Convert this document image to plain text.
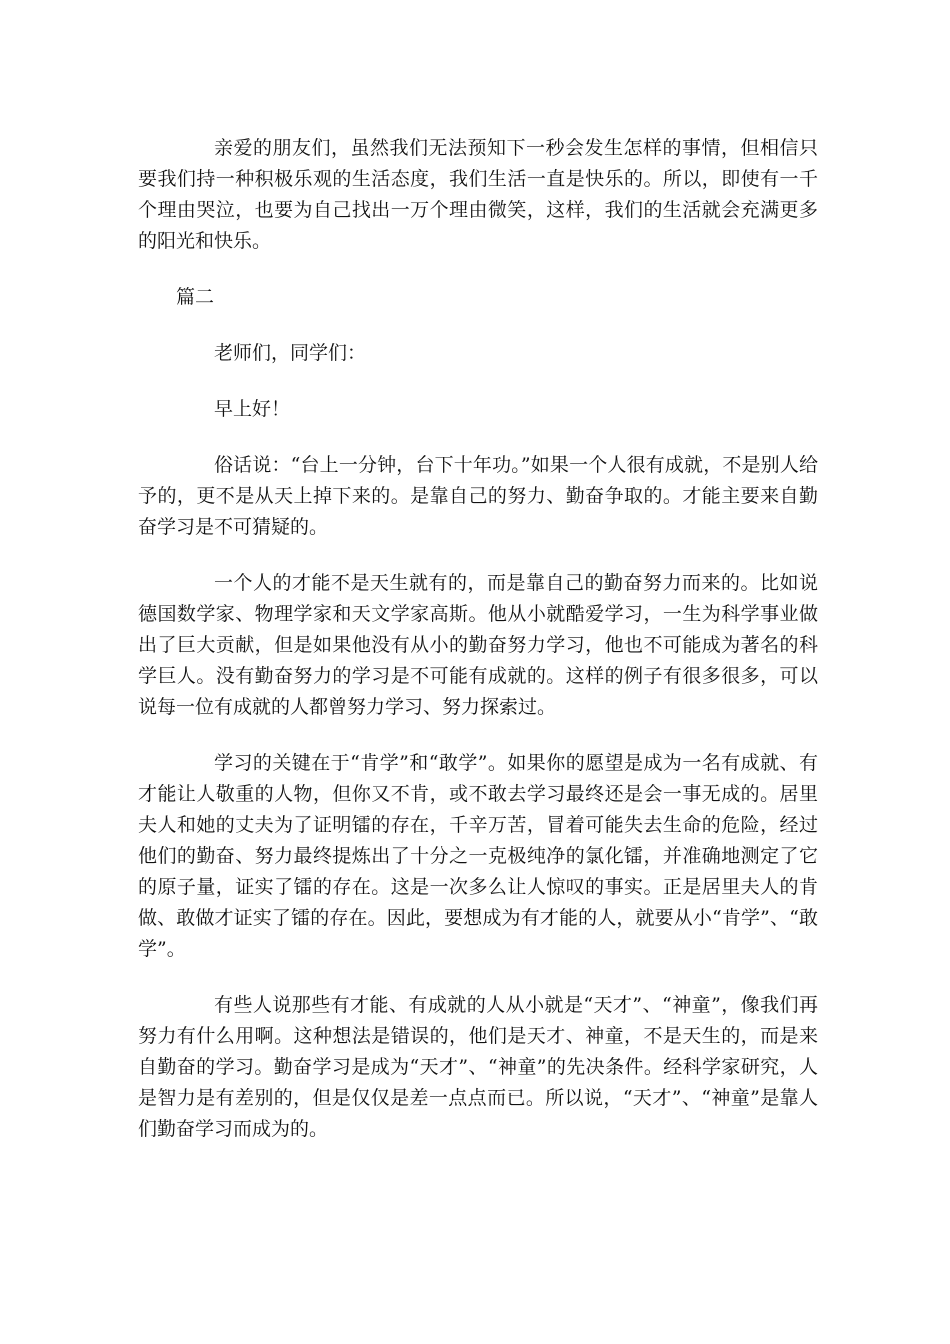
亲爱的朋友们，虽然我们无法预知下一秒会发生怎样的事情，但相信只要我们持一种积极乐观的生活态度，我们生活一直是快乐的。所以，即使有一千个理由哭泣，也要为自己找出一万个理由微笑，这样，我们的生活就会充满更多的阳光和快乐。

篇二

老师们，同学们：

早上好！

俗话说：“台上一分钟，台下十年功。”如果一个人很有成就，不是别人给予的，更不是从天上掉下来的。是靠自己的努力、勤奋争取的。才能主要来自勤奋学习是不可猜疑的。

一个人的才能不是天生就有的，而是靠自己的勤奋努力而来的。比如说德国数学家、物理学家和天文学家高斯。他从小就酷爱学习，一生为科学事业做出了巨大贡献，但是如果他没有从小的勤奋努力学习，他也不可能成为著名的科学巨人。没有勤奋努力的学习是不可能有成就的。这样的例子有很多很多，可以说每一位有成就的人都曾努力学习、努力探索过。

学习的关键在于“肯学”和“敢学”。如果你的愿望是成为一名有成就、有才能让人敬重的人物，但你又不肯，或不敢去学习最终还是会一事无成的。居里夫人和她的丈夫为了证明镭的存在，千辛万苦，冒着可能失去生命的危险，经过他们的勤奋、努力最终提炼出了十分之一克极纯净的氯化镭，并准确地测定了它的原子量，证实了镭的存在。这是一次多么让人惊叹的事实。正是居里夫人的肯做、敢做才证实了镭的存在。因此，要想成为有才能的人，就要从小“肯学”、“敢学”。

有些人说那些有才能、有成就的人从小就是“天才”、“神童”，像我们再努力有什么用啊。这种想法是错误的，他们是天才、神童，不是天生的，而是来自勤奋的学习。勤奋学习是成为“天才”、“神童”的先决条件。经科学家研究，人是智力是有差别的，但是仅仅是差一点点而已。所以说，“天才”、“神童”是靠人们勤奋学习而成为的。
